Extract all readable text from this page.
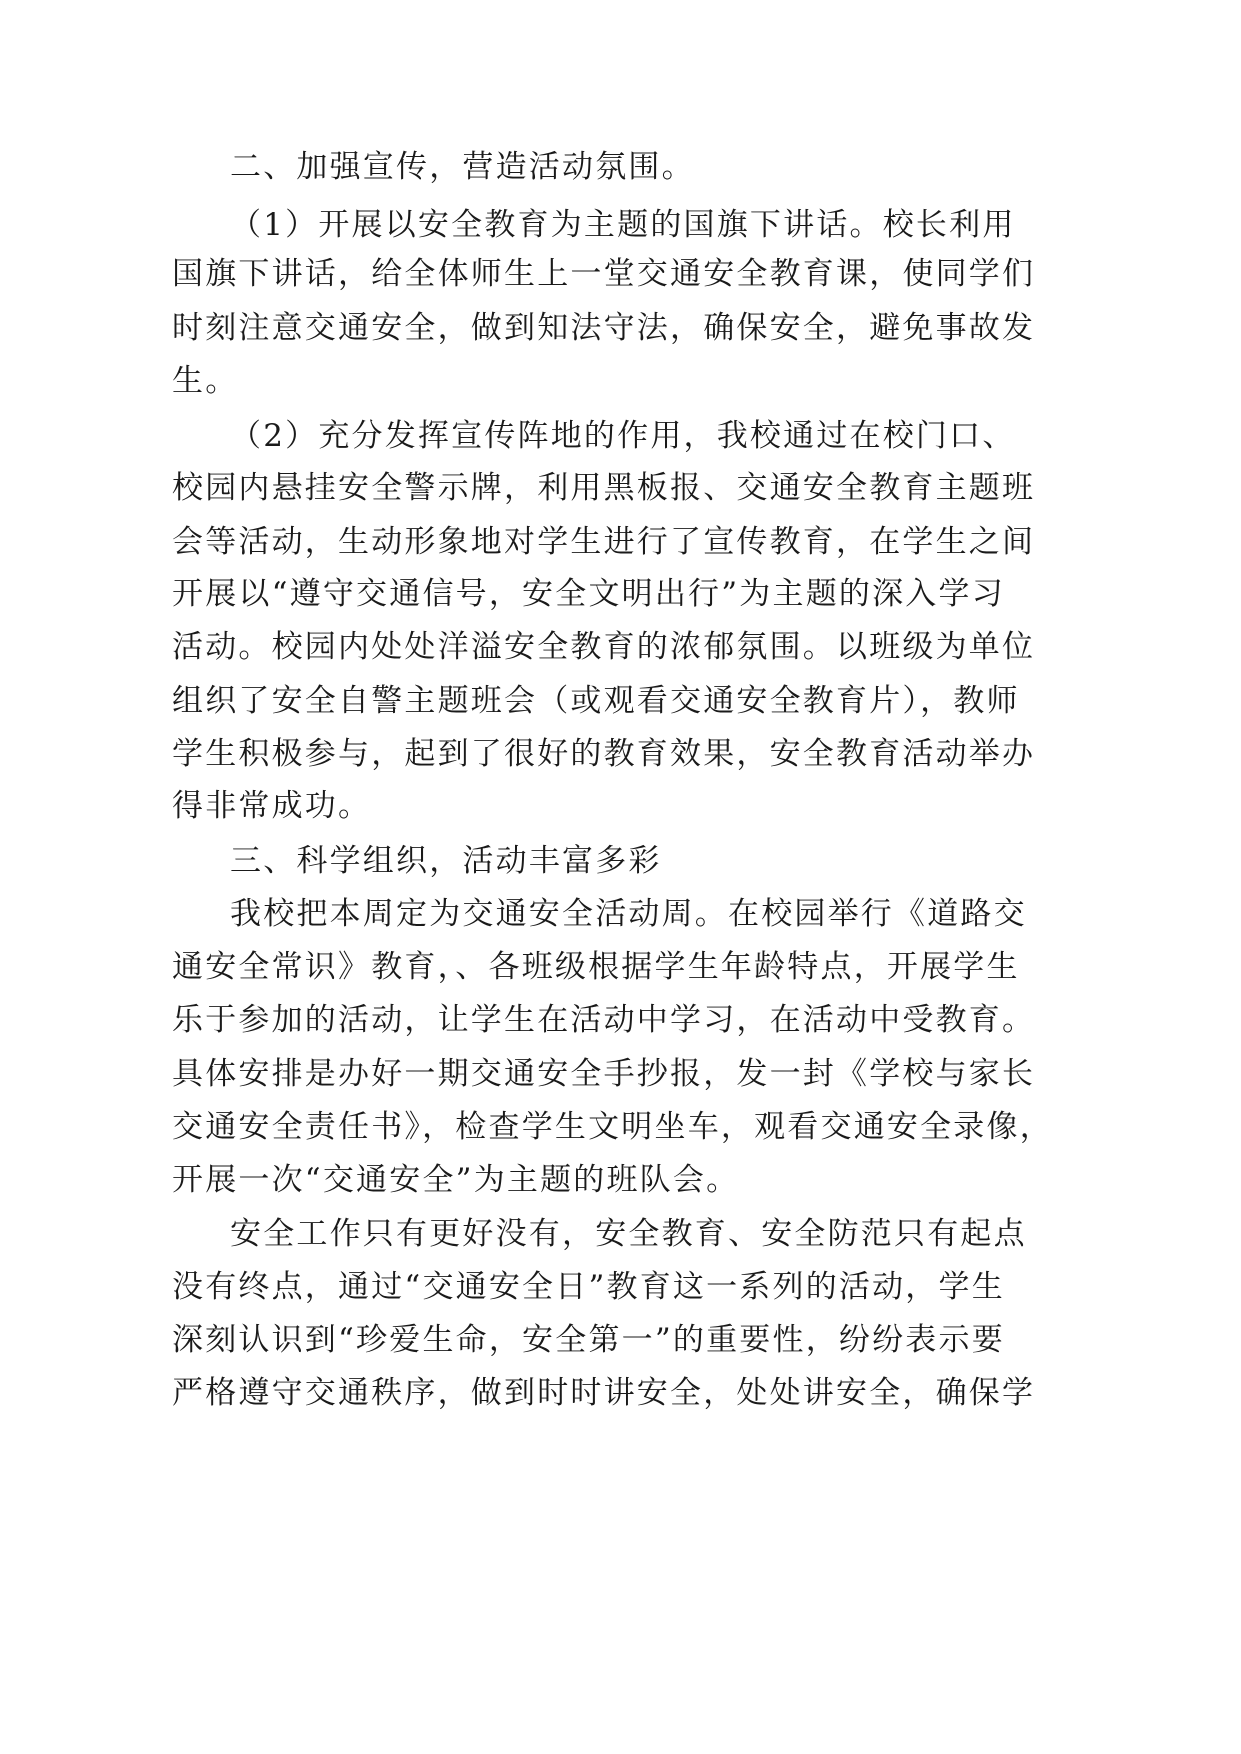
二、加强宣传，营造活动氛围。
（1）开展以安全教育为主题的国旗下讲话。校长利用
国旗下讲话，给全体师生上一堂交通安全教育课，使同学们
时刻注意交通安全，做到知法守法，确保安全，避免事故发
生。
（2）充分发挥宣传阵地的作用，我校通过在校门口、
校园内悬挂安全警示牌，利用黑板报、交通安全教育主题班
会等活动，生动形象地对学生进行了宣传教育，在学生之间
开展以“遵守交通信号，安全文明出行”为主题的深入学习
活动。校园内处处洋溢安全教育的浓郁氛围。以班级为单位
组织了安全自警主题班会（或观看交通安全教育片），教师
学生积极参与，起到了很好的教育效果，安全教育活动举办
得非常成功。
三、科学组织，活动丰富多彩
我校把本周定为交通安全活动周。在校园举行《道路交
通安全常识》教育，、各班级根据学生年龄特点，开展学生
乐于参加的活动，让学生在活动中学习，在活动中受教育。
具体安排是办好一期交通安全手抄报，发一封《学校与家长
交通安全责任书》，检查学生文明坐车，观看交通安全录像，
开展一次“交通安全”为主题的班队会。
安全工作只有更好没有，安全教育、安全防范只有起点
没有终点，通过“交通安全日”教育这一系列的活动，学生
深刻认识到“珍爱生命，安全第一”的重要性，纷纷表示要
严格遵守交通秩序，做到时时讲安全，处处讲安全，确保学
